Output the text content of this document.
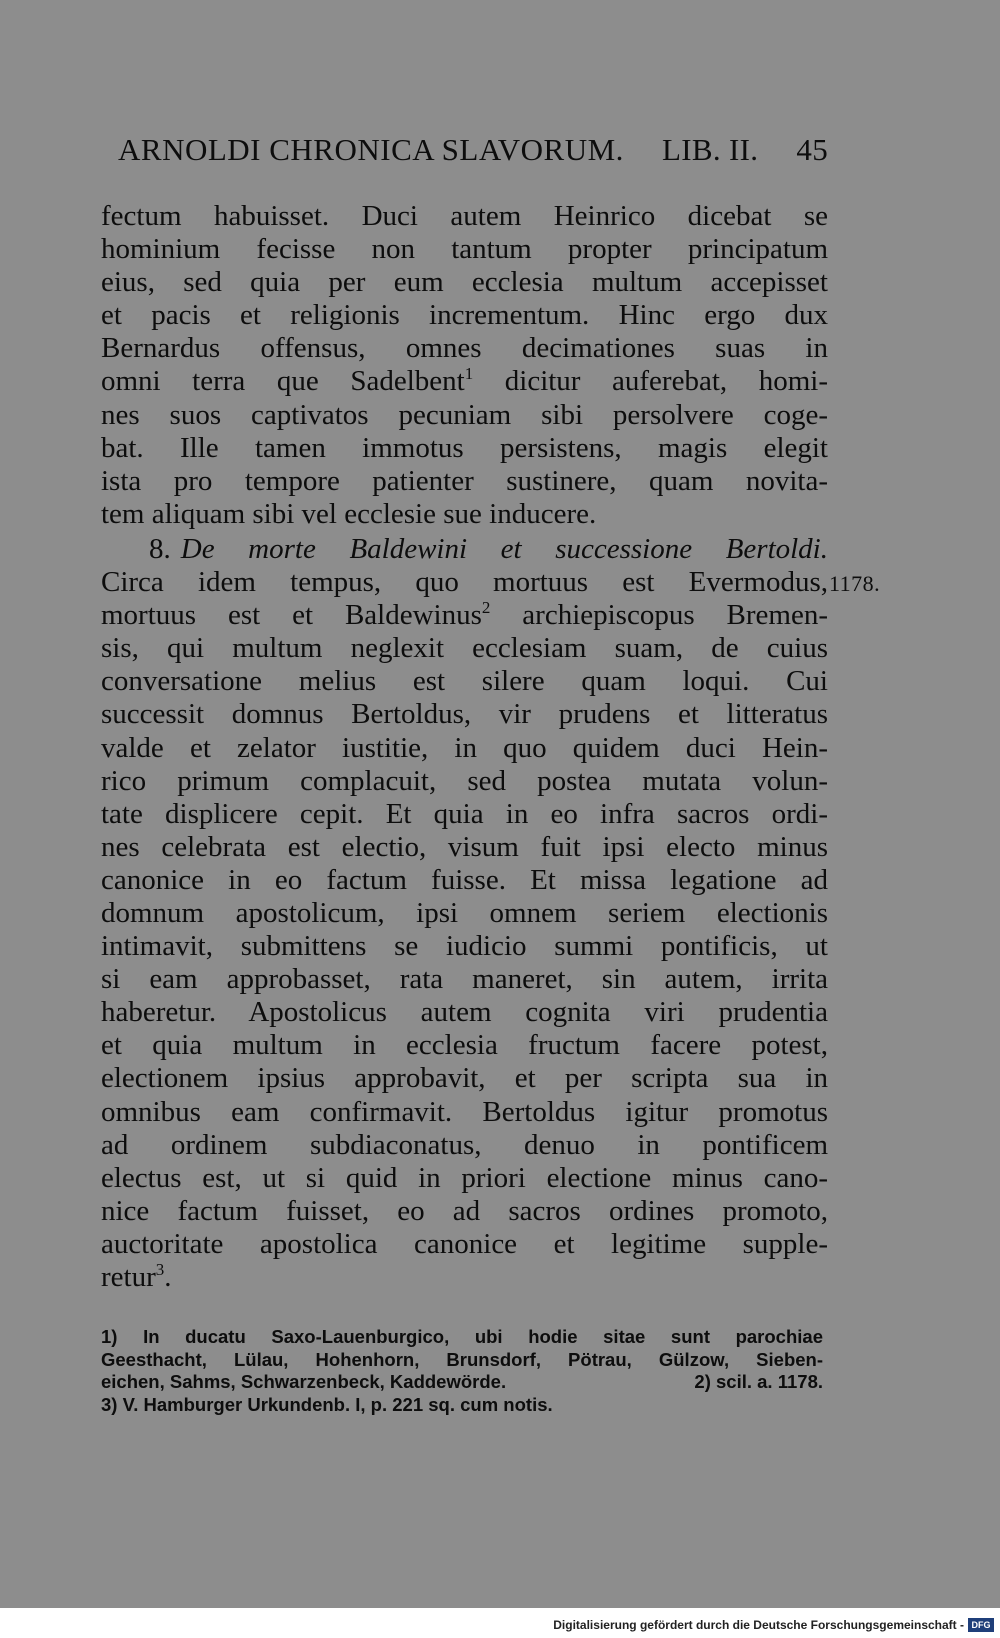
ARNOLDI CHRONICA SLAVORUM. LIB. II. 45
fectum habuisset. Duci autem Heinrico dicebat se
hominium fecisse non tantum propter principatum
eius, sed quia per eum ecclesia multum accepisset
et pacis et religionis incrementum. Hinc ergo dux
Bernardus offensus, omnes decimationes suas in
omni terra que Sadelbent$^1$ dicitur auferebat, homi-
nes suos captivatos pecuniam sibi persolvere coge-
bat. Ille tamen immotus persistens, magis elegit
ista pro tempore patienter sustinere, quam novita-
tem aliquam sibi vel ecclesie sue inducere.
8. De morte Baldewini et successione Bertoldi.
Circa idem tempus, quo mortuus est Evermodus, 1178.
mortuus est et Baldewinus$^2$ archiepiscopus Bremen-
sis, qui multum neglexit ecclesiam suam, de cuius
conversatione melius est silere quam loqui. Cui
successit domnus Bertoldus, vir prudens et litteratus
valde et zelator iustitie, in quo quidem duci Hein-
rico primum complacuit, sed postea mutata volun-
tate displicere cepit. Et quia in eo infra sacros ordi-
nes celebrata est electio, visum fuit ipsi electo minus
canonice in eo factum fuisse. Et missa legatione ad
domnum apostolicum, ipsi omnem seriem electionis
intimavit, submittens se iudicio summi pontificis, ut
si eam approbasset, rata maneret, sin autem, irrita
haberetur. Apostolicus autem cognita viri prudentia
et quia multum in ecclesia fructum facere potest,
electionem ipsius approbavit, et per scripta sua in
omnibus eam confirmavit. Bertoldus igitur promotus
ad ordinem subdiaconatus, denuo in pontificem
electus est, ut si quid in priori electione minus cano-
nice factum fuisset, eo ad sacros ordines promoto,
auctoritate apostolica canonice et legitime supple-
retur$^3$.
1) In ducatu Saxo-Lauenburgico, ubi hodie sitae sunt parochiae
Geesthacht, Lülau, Hohenhorn, Brunsdorf, Pötrau, Gülzow, Sieben-
eichen, Sahms, Schwarzenbeck, Kaddewörde.	2) scil. a. 1178.
3) V. Hamburger Urkundenb. I, p. 221 sq. cum notis.
Digitalisierung gefördert durch die Deutsche Forschungsgemeinschaft - DFG
